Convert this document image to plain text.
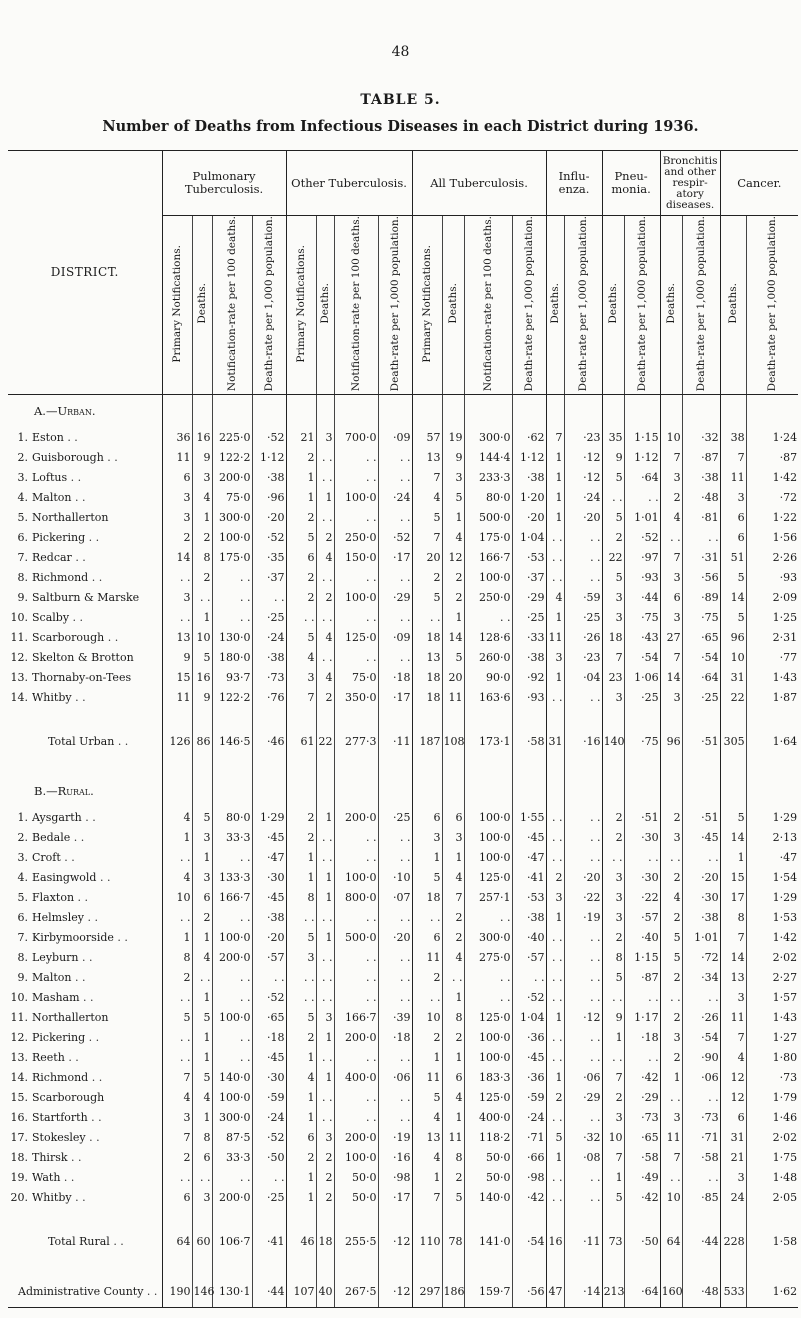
48
TABLE 5.
Number of Deaths from Infectious Diseases in each District during 1936.
DISTRICT.	Pulmonary Tuberculosis.				Other Tuberculosis.				All Tuberculosis.				Influ- enza.		Pneu- monia.		Bronchitis and other respir- atory diseases.		Cancer.	
	Primary Notifications.	Deaths.	Notification-rate per 100 deaths.	Death-rate per 1,000 population.	Primary Notifications.	Deaths.	Notification-rate per 100 deaths.	Death-rate per 1,000 population.	Primary Notifications.	Deaths.	Notification-rate per 100 deaths.	Death-rate per 1,000 population.	Deaths.	Death-rate per 1,000 population.	Deaths.	Death-rate per 1,000 population.	Deaths.	Death-rate per 1,000 population.	Deaths.	Death-rate per 1,000 population.
A.—Urban.																				
1. Eston . .	36	16	225·0	·52	21	3	700·0	·09	57	19	300·0	·62	7	·23	35	1·15	10	·32	38	1·24
2. Guisborough . .	11	9	122·2	1·12	2	. .	. .	. .	13	9	144·4	1·12	1	·12	9	1·12	7	·87	7	·87
3. Loftus . .	6	3	200·0	·38	1	. .	. .	. .	7	3	233·3	·38	1	·12	5	·64	3	·38	11	1·42
4. Malton . .	3	4	75·0	·96	1	1	100·0	·24	4	5	80·0	1·20	1	·24	. .	. .	2	·48	3	·72
5. Northallerton	3	1	300·0	·20	2	. .	. .	. .	5	1	500·0	·20	1	·20	5	1·01	4	·81	6	1·22
6. Pickering . .	2	2	100·0	·52	5	2	250·0	·52	7	4	175·0	1·04	. .	. .	2	·52	. .	. .	6	1·56
7. Redcar . .	14	8	175·0	·35	6	4	150·0	·17	20	12	166·7	·53	. .	. .	22	·97	7	·31	51	2·26
8. Richmond . .	. .	2	. .	·37	2	. .	. .	. .	2	2	100·0	·37	. .	. .	5	·93	3	·56	5	·93
9. Saltburn & Marske	3	. .	. .	. .	2	2	100·0	·29	5	2	250·0	·29	4	·59	3	·44	6	·89	14	2·09
10. Scalby . .	. .	1	. .	·25	. .	. .	. .	. .	. .	1	. .	·25	1	·25	3	·75	3	·75	5	1·25
11. Scarborough . .	13	10	130·0	·24	5	4	125·0	·09	18	14	128·6	·33	11	·26	18	·43	27	·65	96	2·31
12. Skelton & Brotton	9	5	180·0	·38	4	. .	. .	. .	13	5	260·0	·38	3	·23	7	·54	7	·54	10	·77
13. Thornaby-on-Tees	15	16	93·7	·73	3	4	75·0	·18	18	20	90·0	·92	1	·04	23	1·06	14	·64	31	1·43
14. Whitby . .	11	9	122·2	·76	7	2	350·0	·17	18	11	163·6	·93	. .	. .	3	·25	3	·25	22	1·87

Total Urban . .	126	86	146·5	·46	61	22	277·3	·11	187	108	173·1	·58	31	·16	140	·75	96	·51	305	1·64

B.—Rural.																				
1. Aysgarth . .	4	5	80·0	1·29	2	1	200·0	·25	6	6	100·0	1·55	. .	. .	2	·51	2	·51	5	1·29
2. Bedale . .	1	3	33·3	·45	2	. .	. .	. .	3	3	100·0	·45	. .	. .	2	·30	3	·45	14	2·13
3. Croft . .	. .	1	. .	·47	1	. .	. .	. .	1	1	100·0	·47	. .	. .	. .	. .	. .	. .	1	·47
4. Easingwold . .	4	3	133·3	·30	1	1	100·0	·10	5	4	125·0	·41	2	·20	3	·30	2	·20	15	1·54
5. Flaxton . .	10	6	166·7	·45	8	1	800·0	·07	18	7	257·1	·53	3	·22	3	·22	4	·30	17	1·29
6. Helmsley . .	. .	2	. .	·38	. .	. .	. .	. .	. .	2	. .	·38	1	·19	3	·57	2	·38	8	1·53
7. Kirbymoorside . .	1	1	100·0	·20	5	1	500·0	·20	6	2	300·0	·40	. .	. .	2	·40	5	1·01	7	1·42
8. Leyburn . .	8	4	200·0	·57	3	. .	. .	. .	11	4	275·0	·57	. .	. .	8	1·15	5	·72	14	2·02
9. Malton . .	2	. .	. .	. .	. .	. .	. .	. .	2	. .	. .	. .	. .	. .	5	·87	2	·34	13	2·27
10. Masham . .	. .	1	. .	·52	. .	. .	. .	. .	. .	1	. .	·52	. .	. .	. .	. .	. .	. .	3	1·57
11. Northallerton	5	5	100·0	·65	5	3	166·7	·39	10	8	125·0	1·04	1	·12	9	1·17	2	·26	11	1·43
12. Pickering . .	. .	1	. .	·18	2	1	200·0	·18	2	2	100·0	·36	. .	. .	1	·18	3	·54	7	1·27
13. Reeth . .	. .	1	. .	·45	1	. .	. .	. .	1	1	100·0	·45	. .	. .	. .	. .	2	·90	4	1·80
14. Richmond . .	7	5	140·0	·30	4	1	400·0	·06	11	6	183·3	·36	1	·06	7	·42	1	·06	12	·73
15. Scarborough	4	4	100·0	·59	1	. .	. .	. .	5	4	125·0	·59	2	·29	2	·29	. .	. .	12	1·79
16. Startforth . .	3	1	300·0	·24	1	. .	. .	. .	4	1	400·0	·24	. .	. .	3	·73	3	·73	6	1·46
17. Stokesley . .	7	8	87·5	·52	6	3	200·0	·19	13	11	118·2	·71	5	·32	10	·65	11	·71	31	2·02
18. Thirsk . .	2	6	33·3	·50	2	2	100·0	·16	4	8	50·0	·66	1	·08	7	·58	7	·58	21	1·75
19. Wath . .	. .	. .	. .	. .	1	2	50·0	·98	1	2	50·0	·98	. .	. .	1	·49	. .	. .	3	1·48
20. Whitby . .	6	3	200·0	·25	1	2	50·0	·17	7	5	140·0	·42	. .	. .	5	·42	10	·85	24	2·05

Total Rural . .	64	60	106·7	·41	46	18	255·5	·12	110	78	141·0	·54	16	·11	73	·50	64	·44	228	1·58

Administrative County . .	190	146	130·1	·44	107	40	267·5	·12	297	186	159·7	·56	47	·14	213	·64	160	·48	533	1·62
